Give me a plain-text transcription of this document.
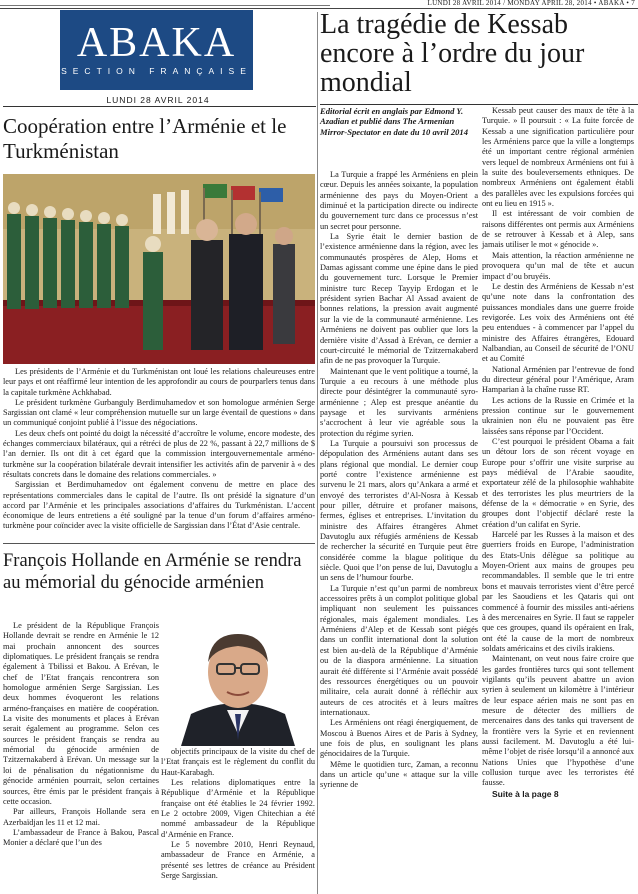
LUNDI 28 AVRIL 2014 / MONDAY APRIL 28, 2014 • ABAKA • 7
ABAKA
SECTION FRANÇAISE
LUNDI 28 AVRIL 2014
Coopération entre l’Arménie et le Turkménistan

Les présidents de l’Arménie et du Turkménistan ont loué les relations chaleureuses entre leur pays et ont réaffirmé leur intention de les approfondir au cours de pourparlers tenus dans la capitale turkmène Achkhabad.

Le président turkmène Gurbanguly Berdimuhamedov et son homologue arménien Serge Sargissian ont clamé « leur compréhension mutuelle sur un large éventail de questions » dans un communiqué conjoint publié à l’issue des négociations.

Les deux chefs ont pointé du doigt la nécessité d’accroître le volume, encore modeste, des échanges commerciaux bilatéraux, qui a rétréci de plus de 22 %, passant à 22,7 millions de $ l’an dernier. Ils ont dit à cet égard que la commission intergouvernementale arméno- turkmène sur la coopération bilatérale devrait intensifier les activités afin de parvenir à « des résultats concrets dans le domaine des relations commerciales. »

Sargissian et Berdimuhamedov ont également convenu de mettre en place des représentations commerciales dans le capital de l’autre. Ils ont présidé la signature d’un accord par l’Arménie et les principales associations d’affaires du Turkménistan. L’accent économique de leurs entretiens a été souligné par la tenue d’un forum d’affaires arméno-turkmène pour coïncider avec la visite officielle de Sargissian dans l’État d’Asie centrale.

François Hollande en Arménie se rendra au mémorial du génocide arménien

Le président de la République François Hollande devrait se rendre en Arménie le 12 mai prochain annoncent des sources diplomatiques. Le président français se rendra également à Tbilissi et Bakou. A Erévan, le chef de l’Etat français rencontrera son homologue arménien Serge Sargissian. Les deux hommes évoqueront les relations arméno-françaises en matière de coopération. La visite des monuments et places à Erévan serait également au programme. Selon ces sources le président français se rendra au mémorial du génocide arménien de Tzitzernakaberd à Erévan. Un message sur la loi de pénalisation du négationnisme du génocide arménien pourrait, selon certaines sources, être émis par le président français à cette occasion.

Par ailleurs, François Hollande sera en Azerbaïdjan les 11 et 12 mai.

L’ambassadeur de France à Bakou, Pascal Monier a déclaré que l’un des

objectifs principaux de la visite du chef de l’Etat français est le règlement du conflit du Haut-Karabagh.

Les relations diplomatiques entre la République d’Arménie et la République française ont été établies le 24 février 1992. Le 2 octobre 2009, Vigen Chitechian a été nommé ambassadeur de la République d’Arménie en France.

Le 5 novembre 2010, Henri Reynaud, ambassadeur de France en Arménie, a présenté ses lettres de créance au Président Serge Sargissian.

La tragédie de Kessab encore à l’ordre du jour mondial
Editorial écrit en anglais par Edmond Y. Azadian et publié dans The Armenian Mirror-Spectator en date du 10 avril 2014

La Turquie a frappé les Arméniens en plein cœur. Depuis les années soixante, la population arménienne des pays du Moyen-Orient a diminué et la participation directe ou indirecte du gouvernement turc dans ce processus n’est un secret pour personne.

La Syrie était le dernier bastion de l’existence arménienne dans la région, avec les communautés prospères de Alep, Homs et Damas agissant comme une épine dans le pied du gouvernement turc. Lorsque le Premier ministre turc Recep Tayyip Erdogan et le président syrien Bachar Al Assad avaient de bonnes relations, la pression avait augmenté sur la vie de la communauté arménienne. Les Arméniens ne doivent pas oublier que lors la dernière visite d’Assad à Erévan, ce dernier a court-circuité le mémorial de Tzitzernakaberd afin de ne pas provoquer la Turquie.

Maintenant que le vent politique a tourné, la Turquie a eu recours à une méthode plus directe pour désintégrer la communauté syro-arménienne ; Alep est presque anéantie du paysage et les survivants arméniens s’accrochent à leur vie agréable sous la protection du régime syrien.

La Turquie a poursuivi son processus de dépopulation des Arméniens autant dans ses plans régional que mondial. Le dernier coup porté contre l’existence arménienne est survenu le 21 mars, alors qu’Ankara a armé et envoyé des terroristes d’Al-Nosra à Kessab pour piller, détruire et profaner maisons, fermes, églises et entreprises. L’invitation du ministre des Affaires étrangères Ahmet Davutoglu aux réfugiés arméniens de Kessab de rechercher la sécurité en Turquie peut être considérée comme la blague politique du siècle. Quoi que l’on pense de lui, Davutoglu a un sens de l’humour fourbe.

La Turquie n’est qu’un parmi de nombreux accessoires prêts à un complot politique global impliquant non seulement les puissances régionales, mais également mondiales. Les Arméniens d’Alep et de Kessab sont piégés dans un conflit international dont la solution est bien au-delà de la République d’Arménie ou de la diaspora arménienne. La situation aurait été différente si l’Arménie avait possédé des ressources énergétiques ou un pouvoir militaire, cela aurait donné à réfléchir aux auteurs de ces atrocités et à leurs maîtres internationaux.

Les Arméniens ont réagi énergiquement, de Moscou à Buenos Aires et de Paris à Sydney, une fois de plus, en soulignant les plans génocidaires de la Turquie.

Même le quotidien turc, Zaman, a reconnu dans un article qu’une « attaque sur la ville syrienne de

Kessab peut causer des maux de tête à la Turquie. » Il poursuit : « La fuite forcée de Kessab a une signification particulière pour les Arméniens parce que la ville a longtemps été un important centre régional arménien vers lequel de nombreux Arméniens ont fui à la suite des bouleversements ethniques. De nombreux Arméniens ont également établi des parallèles avec les expulsions forcées qui ont eu lieu en 1915 ».

Il est intéressant de voir combien de raisons différentes ont permis aux Arméniens de se retrouver à Kessab et à Alep, sans jamais utiliser le mot « génocide ».

Mais attention, la réaction arménienne ne provoquera qu’un mal de tête et aucun impact d’ou bruyéis.

Le destin des Arméniens de Kessab n’est qu’une note dans la confrontation des puissances mondiales dans une guerre froide revigorée. Les voix des Arméniens ont été peu entendues - à commencer par l’appel du ministre des Affaires étrangères, Edouard Nalbandian, au Conseil de sécurité de l’ONU et au Comité

National Arménien par l’entrevue de fond du directeur général pour l’Amérique, Aram Hamparian à la chaîne russe RT.

Les actions de la Russie en Crimée et la pression continue sur le gouvernement ukrainien non élu ne pouvaient pas être laissées sans réponse par l’Occident.

C’est pourquoi le président Obama a fait un détour lors de son récent voyage en Europe pour s’offrir une visite surprise au pays médiéval de l’Arabie saoudite, exportateur zélé de la philosophie wahhabite et des terroristes les plus meurtriers de la défense de la « démocratie » en Syrie, des groupes dont l’objectif déclaré reste la création d’un califat en Syrie.

Harcelé par les Russes à la maison et des guerriers froids en Europe, l’administration des Etats-Unis délègue sa politique au Moyen-Orient aux mains de groupes peu recommandables. Il semble que le tri entre bons et mauvais terroristes vient d’être percé par les Saoudiens et les Qataris qui ont commencé à fournir des missiles anti-aériens à des mercenaires en Syrie. Il faut se rappeler que ces groupes, quand ils opéraient en Irak, ont été la cause de la mort de nombreux soldats américains et des civils irakiens.

Maintenant, on veut nous faire croire que les gardes frontières turcs qui sont tellement vigilants qu’ils peuvent abattre un avion syrien à seulement un kilomètre à l’intérieur de leur espace aérien mais ne sont pas en mesure de détecter des milliers de mercenaires dans des tanks qui traversent de la frontière vers la Syrie et en reviennent aussi facilement. M. Davutoglu a été lui-même l’objet de risée lorsqu’il a annoncé aux Nations Unies que l’hypothèse d’une collusion turque avec les terroristes été fausse.

Suite à la page 8
